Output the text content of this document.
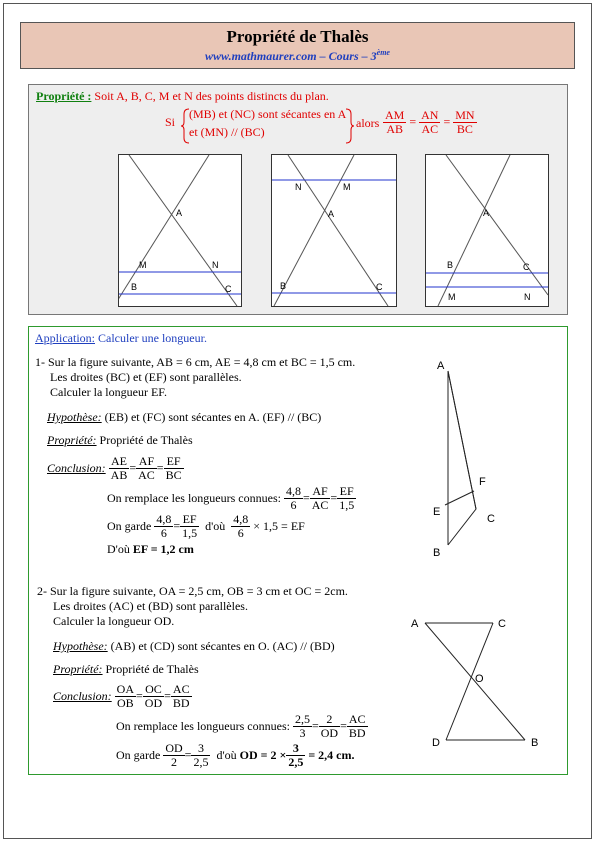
Propriété de Thalès
www.mathmaurer.com – Cours – 3ème
Propriété : Soit A, B, C, M et N des points distincts du plan.
Si
(MB) et (NC) sont sécantes en A
et (MN) // (BC)
alors $\frac{AM}{AB} = \frac{AN}{AC} = \frac{MN}{BC}$
A
M	N
B	C
N	M
A
B	C
A
B	C
M	N
Application: Calculer une longueur.
1- Sur la figure suivante, AB = 6 cm, AE = 4,8 cm et BC = 1,5 cm.
Les droites (BC) et (EF) sont parallèles.
Calculer la longueur EF.
Hypothèse: (EB) et (FC) sont sécantes en A. (EF) // (BC)
Propriété: Propriété de Thalès
Conclusion: $\frac{AE}{AB} = \frac{AF}{AC} = \frac{EF}{BC}$
On remplace les longueurs connues: $\frac{4,8}{6} = \frac{AF}{AC} = \frac{EF}{1,5}$
On garde $\frac{4,8}{6} = \frac{EF}{1,5}$ d'où $\frac{4,8}{6} \times 1,5$ = EF
D'où EF = 1,2 cm
A
F
E
C
B
2- Sur la figure suivante, OA = 2,5 cm, OB = 3 cm et OC = 2cm.
Les droites (AC) et (BD) sont parallèles.
Calculer la longueur OD.
Hypothèse: (AB) et (CD) sont sécantes en O. (AC) // (BD)
Propriété: Propriété de Thalès
Conclusion: $\frac{OA}{OB} = \frac{OC}{OD} = \frac{AC}{BD}$
On remplace les longueurs connues: $\frac{2,5}{3} = \frac{2}{OD} = \frac{AC}{BD}$
On garde $\frac{OD}{2} = \frac{3}{2,5}$ d'où OD = $2 \times \frac{3}{2,5} = 2,4$ cm.
A	C
O
D	B
